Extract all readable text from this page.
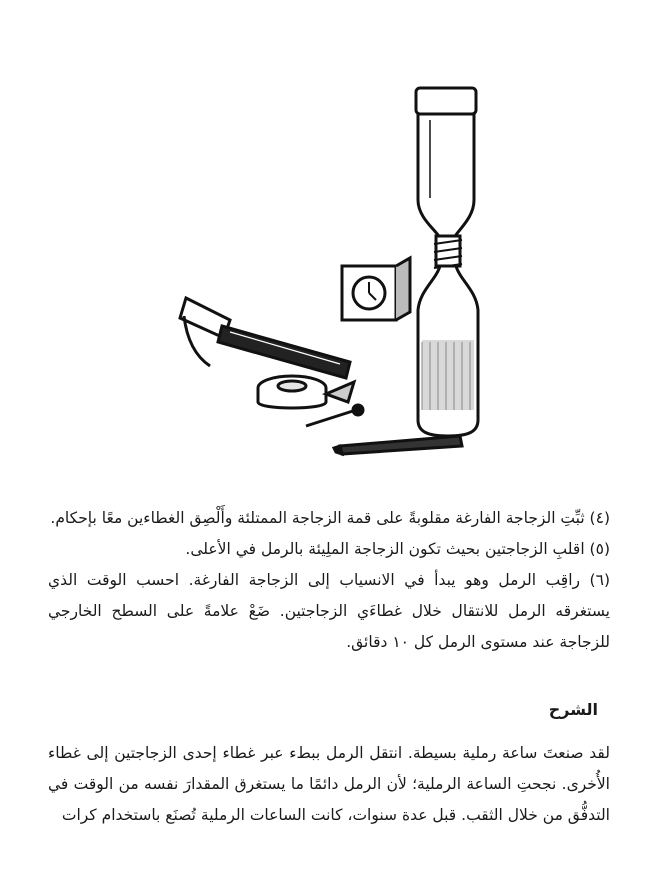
(٤) ثبِّتِ الزجاجة الفارغة مقلوبةً على قمة الزجاجة الممتلئة وأَلْصِق الغطاءين معًا بإحكام.

(٥) اقلبِ الزجاجتين بحيث تكون الزجاجة الملِيئة بالرمل في الأعلى.

(٦) راقِب الرمل وهو يبدأ في الانسياب إلى الزجاجة الفارغة. احسب الوقت الذي يستغرقه الرمل للانتقال خلال غطاءَي الزجاجتين. ضَعْ علامةً على السطح الخارجي للزجاجة عند مستوى الرمل كل ١٠ دقائق.

الشرح

لقد صنعتَ ساعة رملية بسيطة. انتقل الرمل ببطء عبر غطاء إحدى الزجاجتين إلى غطاء الأُخرى. نجحتِ الساعة الرملية؛ لأن الرمل دائمًا ما يستغرق المقدارَ نفسه من الوقت في التدفُّق من خلال الثقب. قبل عدة سنوات، كانت الساعات الرملية تُصنَع باستخدام كرات
